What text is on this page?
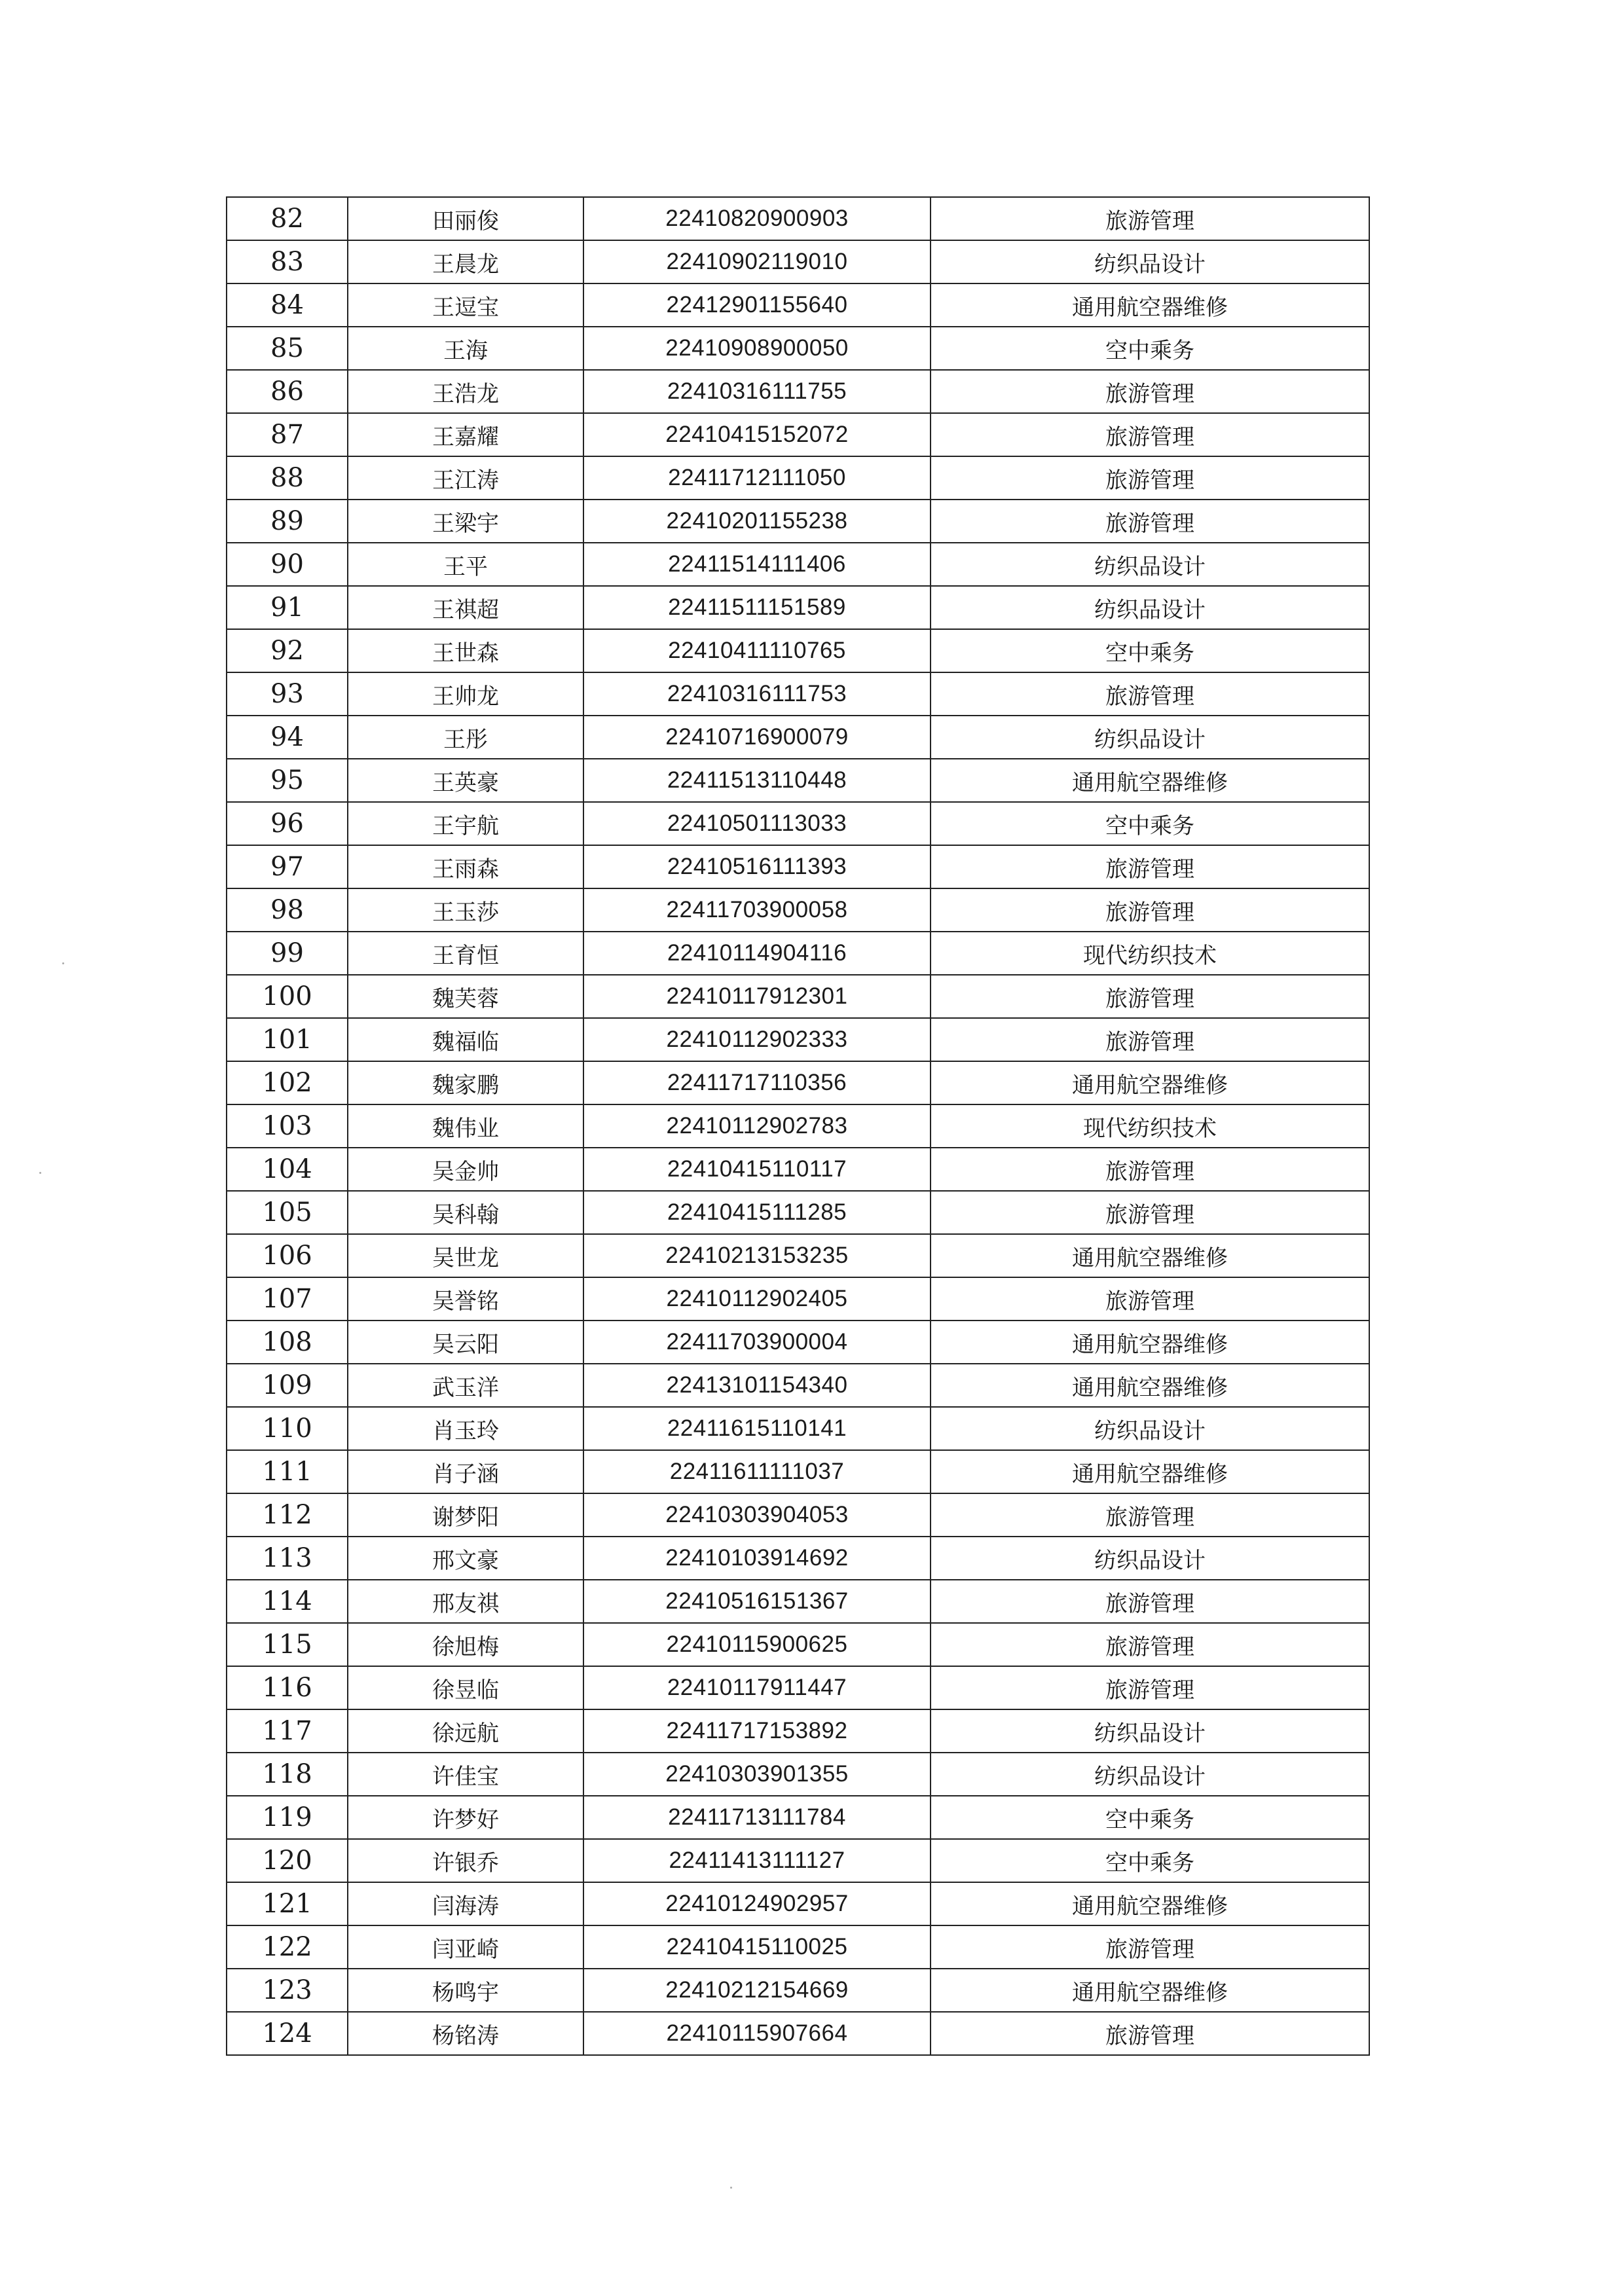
82	田丽俊	22410820900903	旅游管理
83	王晨龙	22410902119010	纺织品设计
84	王逗宝	22412901155640	通用航空器维修
85	王海	22410908900050	空中乘务
86	王浩龙	22410316111755	旅游管理
87	王嘉耀	22410415152072	旅游管理
88	王江涛	22411712111050	旅游管理
89	王梁宇	22410201155238	旅游管理
90	王平	22411514111406	纺织品设计
91	王祺超	22411511151589	纺织品设计
92	王世森	22410411110765	空中乘务
93	王帅龙	22410316111753	旅游管理
94	王彤	22410716900079	纺织品设计
95	王英豪	22411513110448	通用航空器维修
96	王宇航	22410501113033	空中乘务
97	王雨森	22410516111393	旅游管理
98	王玉莎	22411703900058	旅游管理
99	王育恒	22410114904116	现代纺织技术
100	魏芙蓉	22410117912301	旅游管理
101	魏福临	22410112902333	旅游管理
102	魏家鹏	22411717110356	通用航空器维修
103	魏伟业	22410112902783	现代纺织技术
104	吴金帅	22410415110117	旅游管理
105	吴科翰	22410415111285	旅游管理
106	吴世龙	22410213153235	通用航空器维修
107	吴誉铭	22410112902405	旅游管理
108	吴云阳	22411703900004	通用航空器维修
109	武玉洋	22413101154340	通用航空器维修
110	肖玉玲	22411615110141	纺织品设计
111	肖子涵	22411611111037	通用航空器维修
112	谢梦阳	22410303904053	旅游管理
113	邢文豪	22410103914692	纺织品设计
114	邢友祺	22410516151367	旅游管理
115	徐旭梅	22410115900625	旅游管理
116	徐昱临	22410117911447	旅游管理
117	徐远航	22411717153892	纺织品设计
118	许佳宝	22410303901355	纺织品设计
119	许梦好	22411713111784	空中乘务
120	许银乔	22411413111127	空中乘务
121	闫海涛	22410124902957	通用航空器维修
122	闫亚崎	22410415110025	旅游管理
123	杨鸣宇	22410212154669	通用航空器维修
124	杨铭涛	22410115907664	旅游管理
